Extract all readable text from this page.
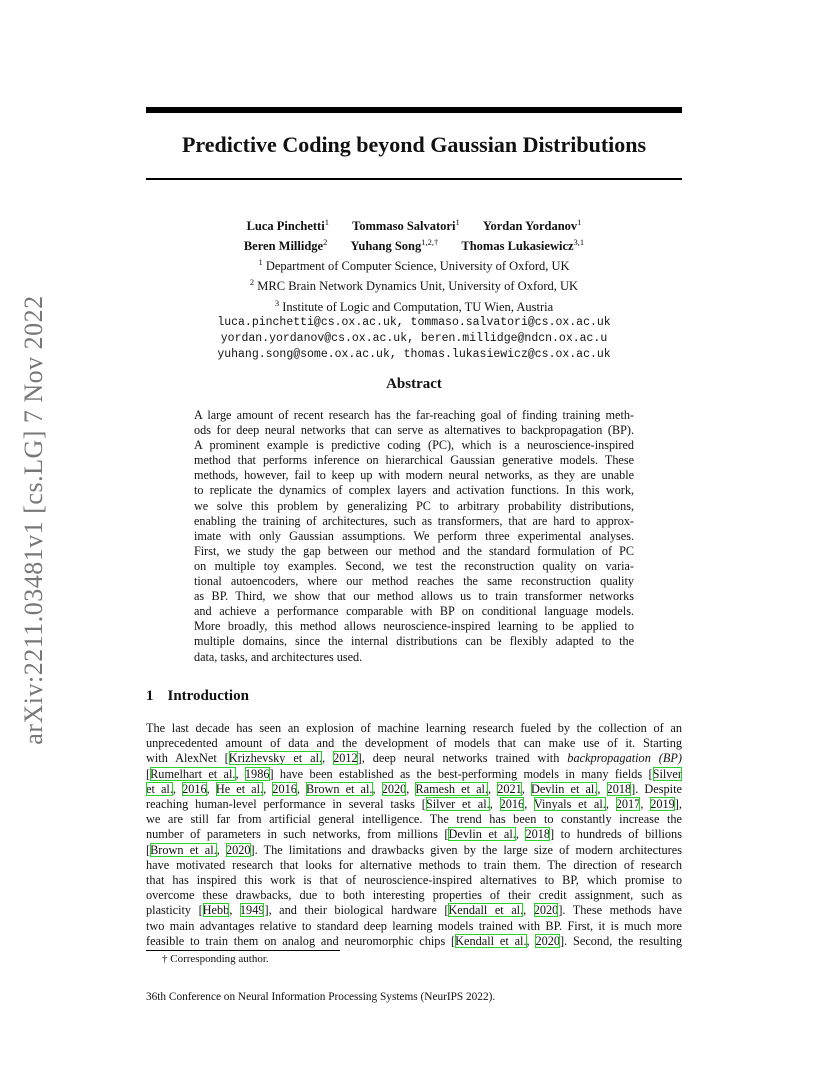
arXiv:2211.03481v1 [cs.LG] 7 Nov 2022
Predictive Coding beyond Gaussian Distributions
Luca Pinchetti$^1$ Tommaso Salvatori$^1$ Yordan Yordanov$^1$
Beren Millidge$^2$ Yuhang Song$^{1,2,\dagger}$ Thomas Lukasiewicz$^{3,1}$
$^1$ Department of Computer Science, University of Oxford, UK
$^2$ MRC Brain Network Dynamics Unit, University of Oxford, UK
$^3$ Institute of Logic and Computation, TU Wien, Austria
luca.pinchetti@cs.ox.ac.uk, tommaso.salvatori@cs.ox.ac.uk
yordan.yordanov@cs.ox.ac.uk, beren.millidge@ndcn.ox.ac.u
yuhang.song@some.ox.ac.uk, thomas.lukasiewicz@cs.ox.ac.uk
Abstract
A large amount of recent research has the far-reaching goal of finding training meth-
ods for deep neural networks that can serve as alternatives to backpropagation (BP).
A prominent example is predictive coding (PC), which is a neuroscience-inspired
method that performs inference on hierarchical Gaussian generative models. These
methods, however, fail to keep up with modern neural networks, as they are unable
to replicate the dynamics of complex layers and activation functions. In this work,
we solve this problem by generalizing PC to arbitrary probability distributions,
enabling the training of architectures, such as transformers, that are hard to approx-
imate with only Gaussian assumptions. We perform three experimental analyses.
First, we study the gap between our method and the standard formulation of PC
on multiple toy examples. Second, we test the reconstruction quality on varia-
tional autoencoders, where our method reaches the same reconstruction quality
as BP. Third, we show that our method allows us to train transformer networks
and achieve a performance comparable with BP on conditional language models.
More broadly, this method allows neuroscience-inspired learning to be applied to
multiple domains, since the internal distributions can be flexibly adapted to the
data, tasks, and architectures used.
1 Introduction
The last decade has seen an explosion of machine learning research fueled by the collection of an
unprecedented amount of data and the development of models that can make use of it. Starting
with AlexNet [Krizhevsky et al., 2012], deep neural networks trained with backpropagation (BP)
[Rumelhart et al., 1986] have been established as the best-performing models in many fields [Silver
et al., 2016, He et al., 2016, Brown et al., 2020, Ramesh et al., 2021, Devlin et al., 2018]. Despite
reaching human-level performance in several tasks [Silver et al., 2016, Vinyals et al., 2017, 2019],
we are still far from artificial general intelligence. The trend has been to constantly increase the
number of parameters in such networks, from millions [Devlin et al., 2018] to hundreds of billions
[Brown et al., 2020]. The limitations and drawbacks given by the large size of modern architectures
have motivated research that looks for alternative methods to train them. The direction of research
that has inspired this work is that of neuroscience-inspired alternatives to BP, which promise to
overcome these drawbacks, due to both interesting properties of their credit assignment, such as
plasticity [Hebb, 1949], and their biological hardware [Kendall et al., 2020]. These methods have
two main advantages relative to standard deep learning models trained with BP. First, it is much more
feasible to train them on analog and neuromorphic chips [Kendall et al., 2020]. Second, the resulting
† Corresponding author.
36th Conference on Neural Information Processing Systems (NeurIPS 2022).
